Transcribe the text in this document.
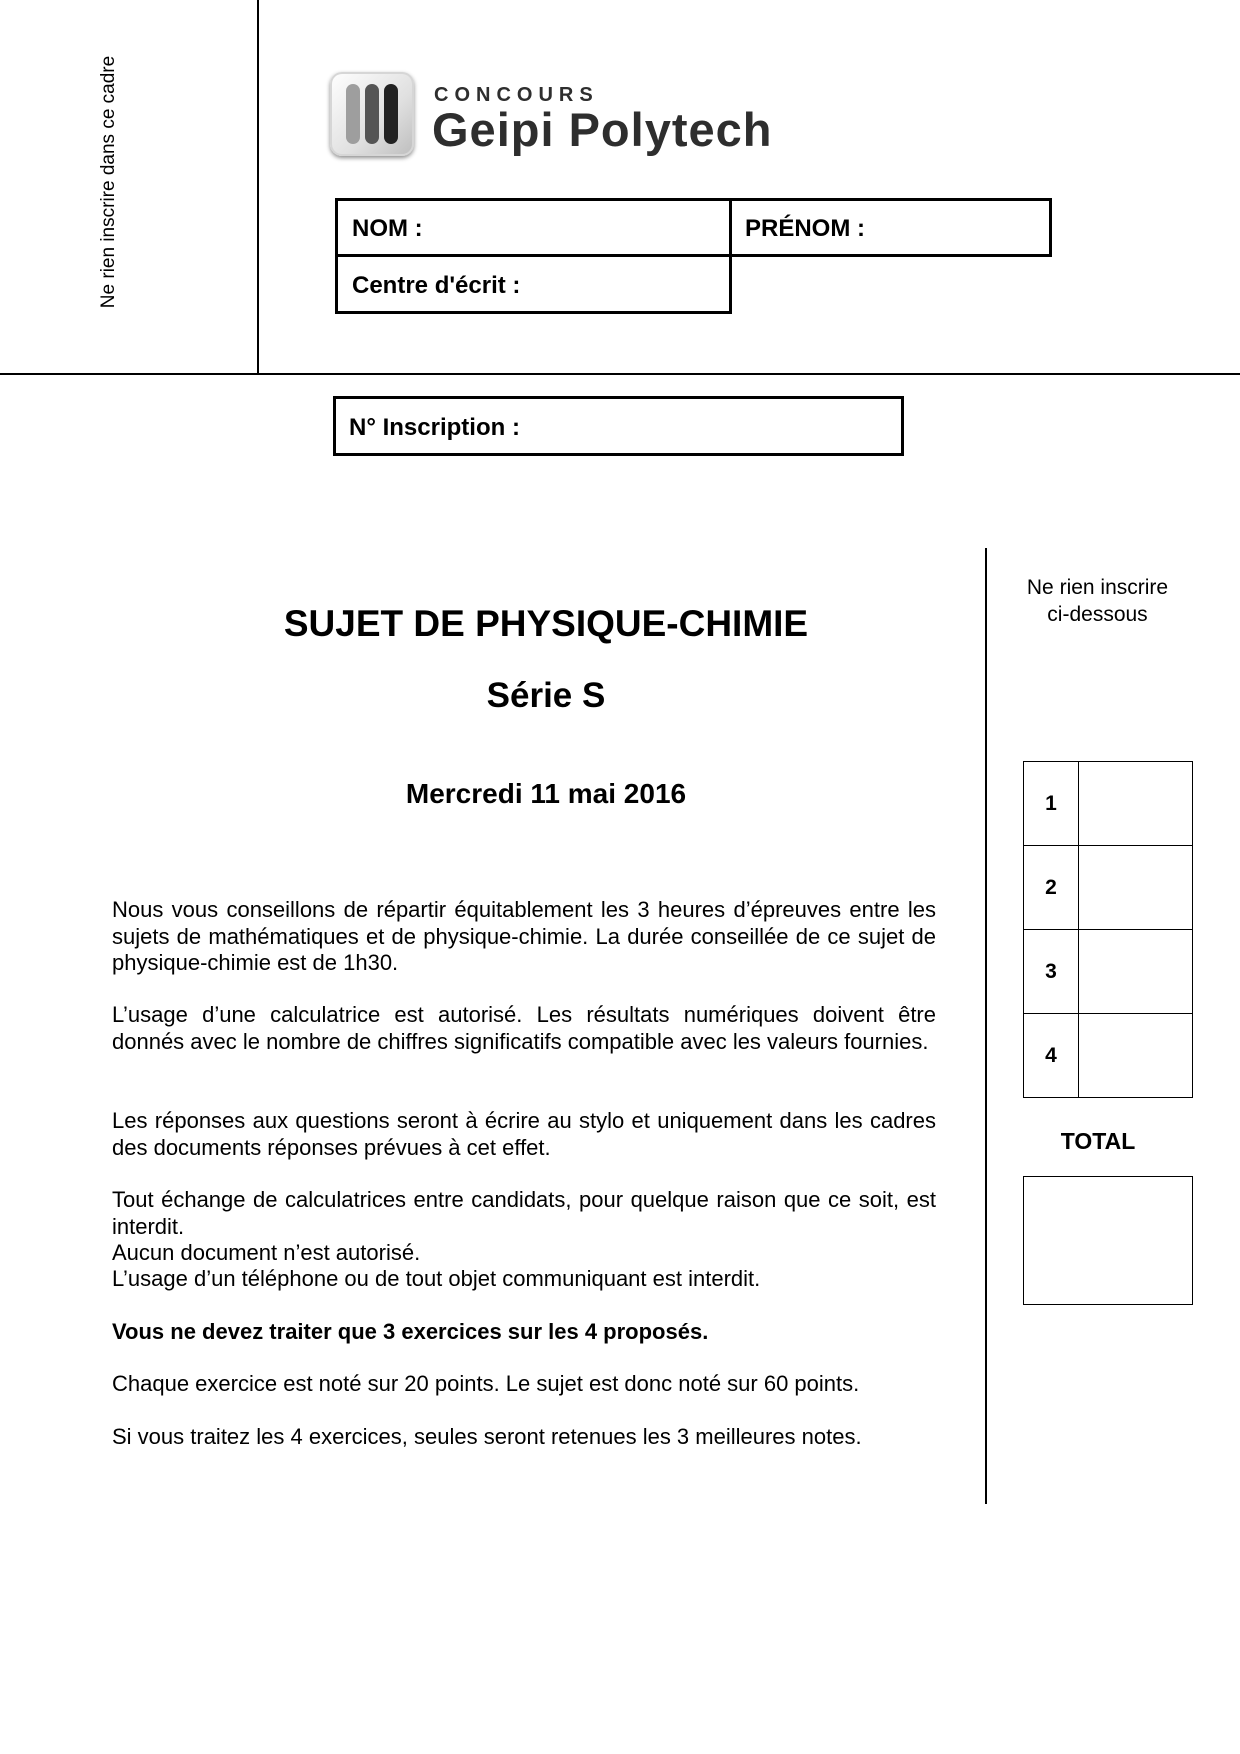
Ne rien inscrire dans ce cadre	CONCOURS
Geipi Polytech
NOM :	PRÉNOM :
Centre d'écrit :
N° Inscription :
Ne rien inscrire
ci-dessous
1	
2	
3	
4	
TOTAL
SUJET DE PHYSIQUE-CHIMIE
Série S
Mercredi 11 mai 2016

Nous vous conseillons de répartir équitablement les 3 heures d’épreuves entre les sujets de mathématiques et de physique-chimie. La durée conseillée de ce sujet de physique-chimie est de 1h30.

L’usage d’une calculatrice est autorisé. Les résultats numériques doivent être donnés avec le nombre de chiffres significatifs compatible avec les valeurs fournies.

Les réponses aux questions seront à écrire au stylo et uniquement dans les cadres des documents réponses prévues à cet effet.

Tout échange de calculatrices entre candidats, pour quelque raison que ce soit, est interdit.

Aucun document n’est autorisé.

L’usage d’un téléphone ou de tout objet communiquant est interdit.

Vous ne devez traiter que 3 exercices sur les 4 proposés.

Chaque exercice est noté sur 20 points. Le sujet est donc noté sur 60 points.

Si vous traitez les 4 exercices, seules seront retenues les 3 meilleures notes.
